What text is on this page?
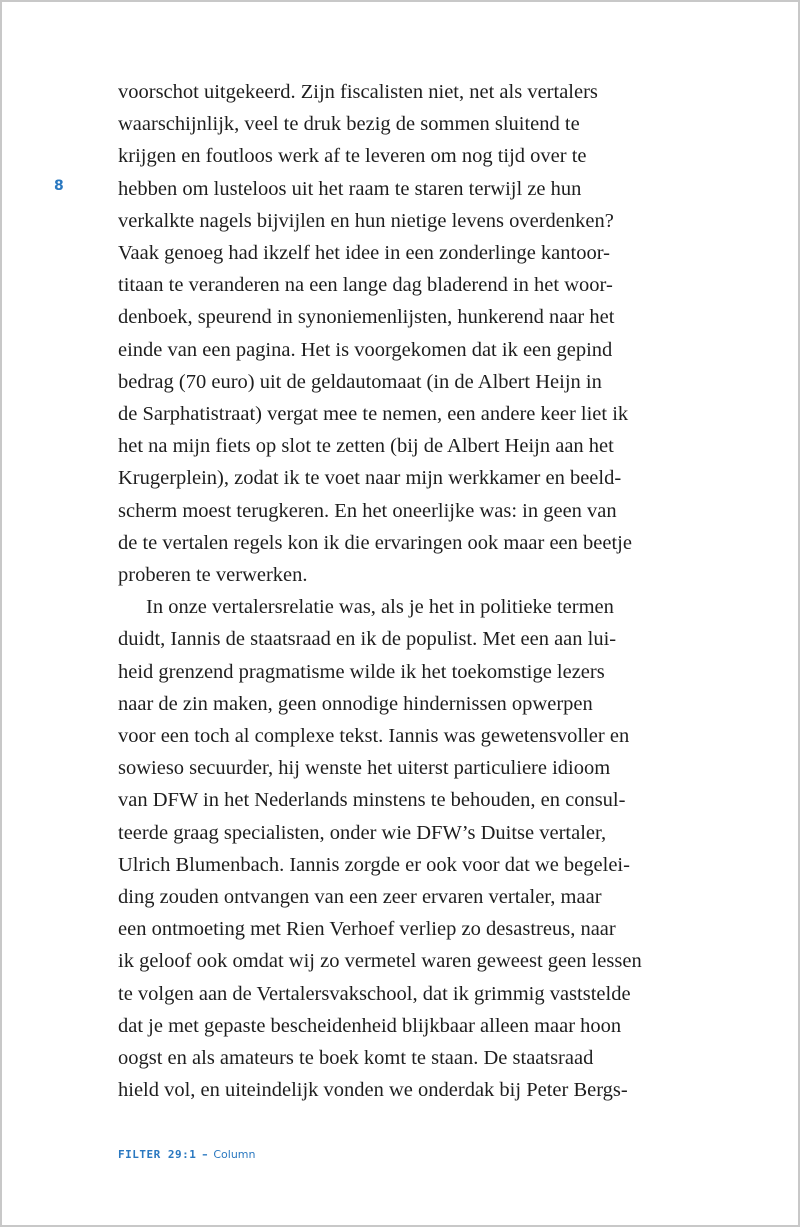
8
voorschot uitgekeerd. Zijn fiscalisten niet, net als vertalers
waarschijnlijk, veel te druk bezig de sommen sluitend te
krijgen en foutloos werk af te leveren om nog tijd over te
hebben om lusteloos uit het raam te staren terwijl ze hun
verkalkte nagels bijvijlen en hun nietige levens overdenken?
Vaak genoeg had ikzelf het idee in een zonderlinge kantoor-
titaan te veranderen na een lange dag bladerend in het woor-
denboek, speurend in synoniemenlijsten, hunkerend naar het
einde van een pagina. Het is voorgekomen dat ik een gepind
bedrag (70 euro) uit de geldautomaat (in de Albert Heijn in
de Sarphatistraat) vergat mee te nemen, een andere keer liet ik
het na mijn fiets op slot te zetten (bij de Albert Heijn aan het
Krugerplein), zodat ik te voet naar mijn werkkamer en beeld-
scherm moest terugkeren. En het oneerlijke was: in geen van
de te vertalen regels kon ik die ervaringen ook maar een beetje
proberen te verwerken.
In onze vertalersrelatie was, als je het in politieke termen
duidt, Iannis de staatsraad en ik de populist. Met een aan lui-
heid grenzend pragmatisme wilde ik het toekomstige lezers
naar de zin maken, geen onnodige hindernissen opwerpen
voor een toch al complexe tekst. Iannis was gewetensvoller en
sowieso secuurder, hij wenste het uiterst particuliere idioom
van DFW in het Nederlands minstens te behouden, en consul-
teerde graag specialisten, onder wie DFW’s Duitse vertaler,
Ulrich Blumenbach. Iannis zorgde er ook voor dat we begelei-
ding zouden ontvangen van een zeer ervaren vertaler, maar
een ontmoeting met Rien Verhoef verliep zo desastreus, naar
ik geloof ook omdat wij zo vermetel waren geweest geen lessen
te volgen aan de Vertalersvakschool, dat ik grimmig vaststelde
dat je met gepaste bescheidenheid blijkbaar alleen maar hoon
oogst en als amateurs te boek komt te staan. De staatsraad
hield vol, en uiteindelijk vonden we onderdak bij Peter Bergs-
FILTER 29:1 – Column
